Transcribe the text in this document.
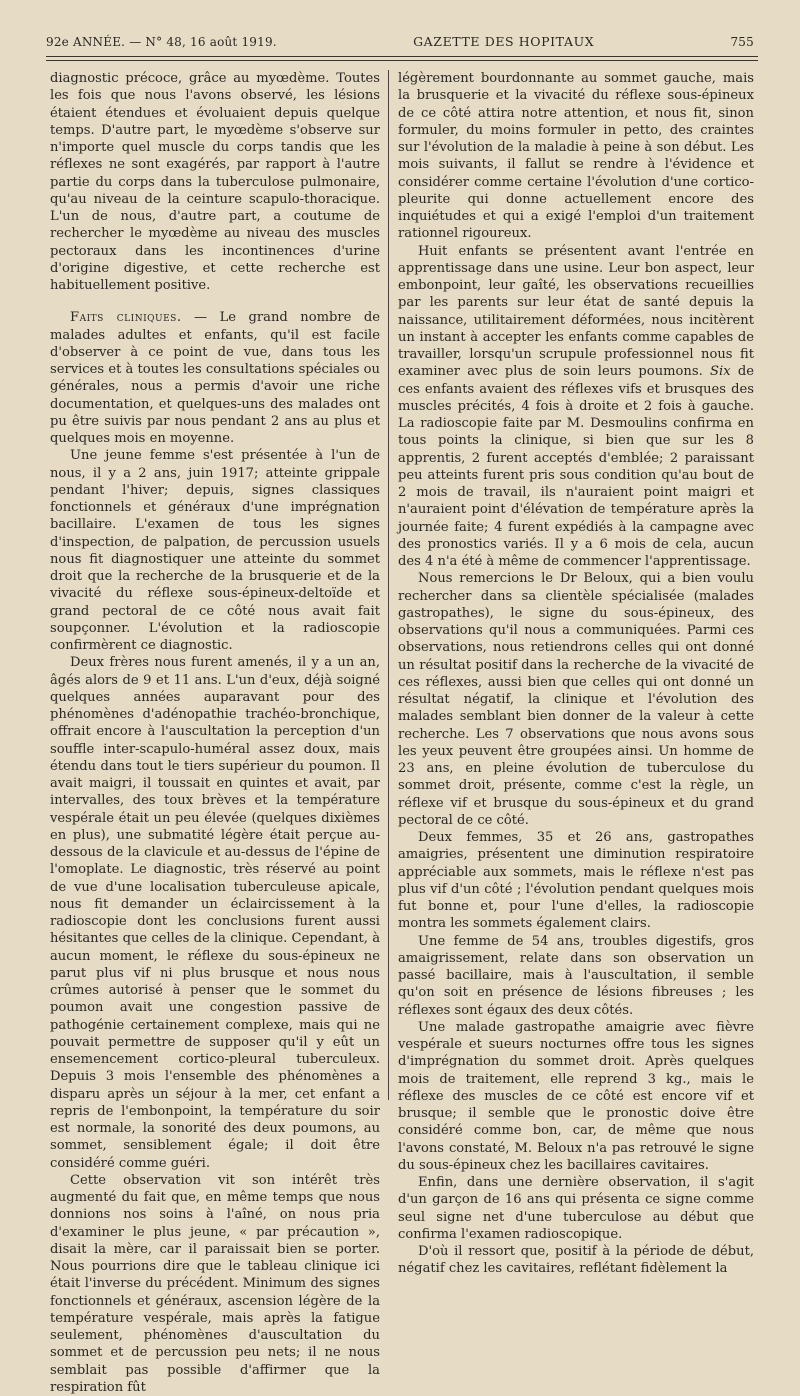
92e ANNÉE. — N° 48, 16 août 1919.	GAZETTE DES HOPITAUX	755

diagnostic précoce, grâce au myœdème. Toutes les fois que nous l'avons observé, les lésions étaient étendues et évoluaient depuis quelque temps. D'autre part, le myœdème s'observe sur n'importe quel muscle du corps tandis que les réflexes ne sont exagérés, par rapport à l'autre partie du corps dans la tuberculose pulmonaire, qu'au niveau de la ceinture scapulo-thoracique. L'un de nous, d'autre part, a coutume de rechercher le myœdème au niveau des muscles pectoraux dans les incontinences d'urine d'origine digestive, et cette recherche est habituellement positive.

Faits cliniques. — Le grand nombre de malades adultes et enfants, qu'il est facile d'observer à ce point de vue, dans tous les services et à toutes les consultations spéciales ou générales, nous a permis d'avoir une riche documentation, et quelques-uns des malades ont pu être suivis par nous pendant 2 ans au plus et quelques mois en moyenne.

Une jeune femme s'est présentée à l'un de nous, il y a 2 ans, juin 1917; atteinte grippale pendant l'hiver; depuis, signes classiques fonctionnels et généraux d'une imprégnation bacillaire. L'examen de tous les signes d'inspection, de palpation, de percussion usuels nous fit diagnostiquer une atteinte du sommet droit que la recherche de la brusquerie et de la vivacité du réflexe sous-épineux-deltoïde et grand pectoral de ce côté nous avait fait soupçonner. L'évolution et la radioscopie confirmèrent ce diagnostic.

Deux frères nous furent amenés, il y a un an, âgés alors de 9 et 11 ans. L'un d'eux, déjà soigné quelques années auparavant pour des phénomènes d'adénopathie trachéo-bronchique, offrait encore à l'auscultation la perception d'un souffle inter-scapulo-huméral assez doux, mais étendu dans tout le tiers supérieur du poumon. Il avait maigri, il toussait en quintes et avait, par intervalles, des toux brèves et la température vespérale était un peu élevée (quelques dixièmes en plus), une submatité légère était perçue au-dessous de la clavicule et au-dessus de l'épine de l'omoplate. Le diagnostic, très réservé au point de vue d'une localisation tuberculeuse apicale, nous fit demander un éclaircissement à la radioscopie dont les conclusions furent aussi hésitantes que celles de la clinique. Cependant, à aucun moment, le réflexe du sous-épineux ne parut plus vif ni plus brusque et nous nous crûmes autorisé à penser que le sommet du poumon avait une congestion passive de pathogénie certainement complexe, mais qui ne pouvait permettre de supposer qu'il y eût un ensemencement cortico-pleural tuberculeux. Depuis 3 mois l'ensemble des phénomènes a disparu après un séjour à la mer, cet enfant a repris de l'embonpoint, la température du soir est normale, la sonorité des deux poumons, au sommet, sensiblement égale; il doit être considéré comme guéri.

Cette observation vit son intérêt très augmenté du fait que, en même temps que nous donnions nos soins à l'aîné, on nous pria d'examiner le plus jeune, « par précaution », disait la mère, car il paraissait bien se porter. Nous pourrions dire que le tableau clinique ici était l'inverse du précédent. Minimum des signes fonctionnels et généraux, ascension légère de la température vespérale, mais après la fatigue seulement, phénomènes d'auscultation du sommet et de percussion peu nets; il ne nous semblait pas possible d'affirmer que la respiration fût

légèrement bourdonnante au sommet gauche, mais la brusquerie et la vivacité du réflexe sous-épineux de ce côté attira notre attention, et nous fit, sinon formuler, du moins formuler in petto, des craintes sur l'évolution de la maladie à peine à son début. Les mois suivants, il fallut se rendre à l'évidence et considérer comme certaine l'évolution d'une cortico-pleurite qui donne actuellement encore des inquiétudes et qui a exigé l'emploi d'un traitement rationnel rigoureux.

Huit enfants se présentent avant l'entrée en apprentissage dans une usine. Leur bon aspect, leur embonpoint, leur gaîté, les observations recueillies par les parents sur leur état de santé depuis la naissance, utilitairement déformées, nous incitèrent un instant à accepter les enfants comme capables de travailler, lorsqu'un scrupule professionnel nous fit examiner avec plus de soin leurs poumons. Six de ces enfants avaient des réflexes vifs et brusques des muscles précités, 4 fois à droite et 2 fois à gauche. La radioscopie faite par M. Desmoulins confirma en tous points la clinique, si bien que sur les 8 apprentis, 2 furent acceptés d'emblée; 2 paraissant peu atteints furent pris sous condition qu'au bout de 2 mois de travail, ils n'auraient point maigri et n'auraient point d'élévation de température après la journée faite; 4 furent expédiés à la campagne avec des pronostics variés. Il y a 6 mois de cela, aucun des 4 n'a été à même de commencer l'apprentissage.

Nous remercions le Dr Beloux, qui a bien voulu rechercher dans sa clientèle spécialisée (malades gastropathes), le signe du sous-épineux, des observations qu'il nous a communiquées. Parmi ces observations, nous retiendrons celles qui ont donné un résultat positif dans la recherche de la vivacité de ces réflexes, aussi bien que celles qui ont donné un résultat négatif, la clinique et l'évolution des malades semblant bien donner de la valeur à cette recherche. Les 7 observations que nous avons sous les yeux peuvent être groupées ainsi. Un homme de 23 ans, en pleine évolution de tuberculose du sommet droit, présente, comme c'est la règle, un réflexe vif et brusque du sous-épineux et du grand pectoral de ce côté.

Deux femmes, 35 et 26 ans, gastropathes amaigries, présentent une diminution respiratoire appréciable aux sommets, mais le réflexe n'est pas plus vif d'un côté ; l'évolution pendant quelques mois fut bonne et, pour l'une d'elles, la radioscopie montra les sommets également clairs.

Une femme de 54 ans, troubles digestifs, gros amaigrissement, relate dans son observation un passé bacillaire, mais à l'auscultation, il semble qu'on soit en présence de lésions fibreuses ; les réflexes sont égaux des deux côtés.

Une malade gastropathe amaigrie avec fièvre vespérale et sueurs nocturnes offre tous les signes d'imprégnation du sommet droit. Après quelques mois de traitement, elle reprend 3 kg., mais le réflexe des muscles de ce côté est encore vif et brusque; il semble que le pronostic doive être considéré comme bon, car, de même que nous l'avons constaté, M. Beloux n'a pas retrouvé le signe du sous-épineux chez les bacillaires cavitaires.

Enfin, dans une dernière observation, il s'agit d'un garçon de 16 ans qui présenta ce signe comme seul signe net d'une tuberculose au début que confirma l'examen radioscopique.

D'où il ressort que, positif à la période de début, négatif chez les cavitaires, reflétant fidèlement la
